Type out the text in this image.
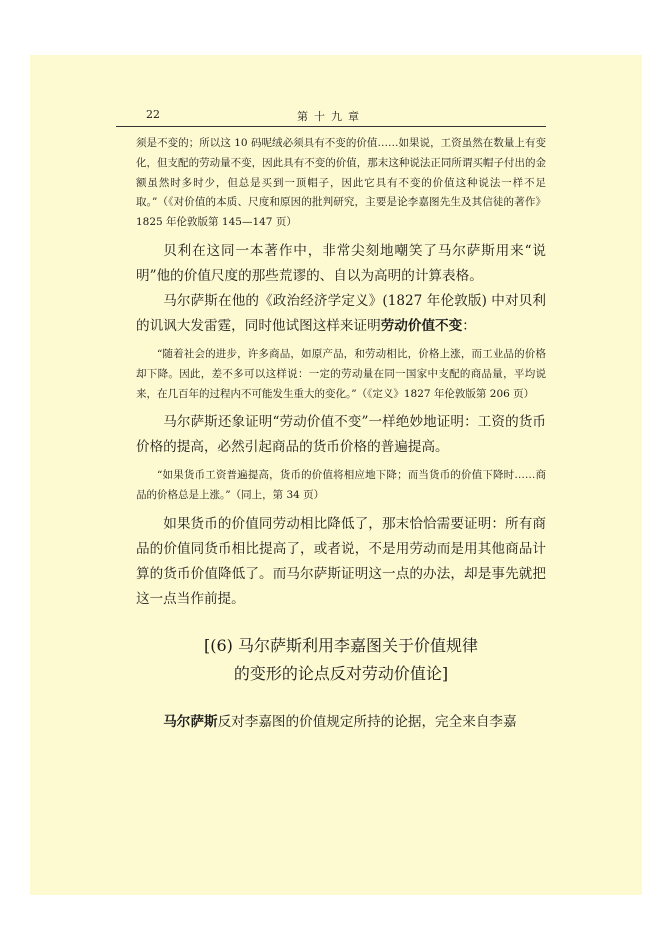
22	第十九章

须是不变的；所以这 10 码呢绒必须具有不变的价值……如果说，工资虽然在数量上有变化，但支配的劳动量不变，因此具有不变的价值，那末这种说法正同所谓买帽子付出的金额虽然时多时少，但总是买到一顶帽子，因此它具有不变的价值这种说法一样不足取。”（《对价值的本质、尺度和原因的批判研究，主要是论李嘉图先生及其信徒的著作》1825 年伦敦版第 145—147 页）

贝利在这同一本著作中，非常尖刻地嘲笑了马尔萨斯用来“说明”他的价值尺度的那些荒谬的、自以为高明的计算表格。

马尔萨斯在他的《政治经济学定义》(1827 年伦敦版) 中对贝利的讥讽大发雷霆，同时他试图这样来证明劳动价值不变：

“随着社会的进步，许多商品，如原产品，和劳动相比，价格上涨，而工业品的价格却下降。因此，差不多可以这样说：一定的劳动量在同一国家中支配的商品量，平均说来，在几百年的过程内不可能发生重大的变化。”（《定义》1827 年伦敦版第 206 页）

马尔萨斯还象证明“劳动价值不变”一样绝妙地证明：工资的货币价格的提高，必然引起商品的货币价格的普遍提高。

“如果货币工资普遍提高，货币的价值将相应地下降；而当货币的价值下降时……商品的价格总是上涨。”（同上，第 34 页）

如果货币的价值同劳动相比降低了，那末恰恰需要证明：所有商品的价值同货币相比提高了，或者说，不是用劳动而是用其他商品计算的货币价值降低了。而马尔萨斯证明这一点的办法，却是事先就把这一点当作前提。

[(6) 马尔萨斯利用李嘉图关于价值规律
的变形的论点反对劳动价值论]

马尔萨斯反对李嘉图的价值规定所持的论据，完全来自李嘉
